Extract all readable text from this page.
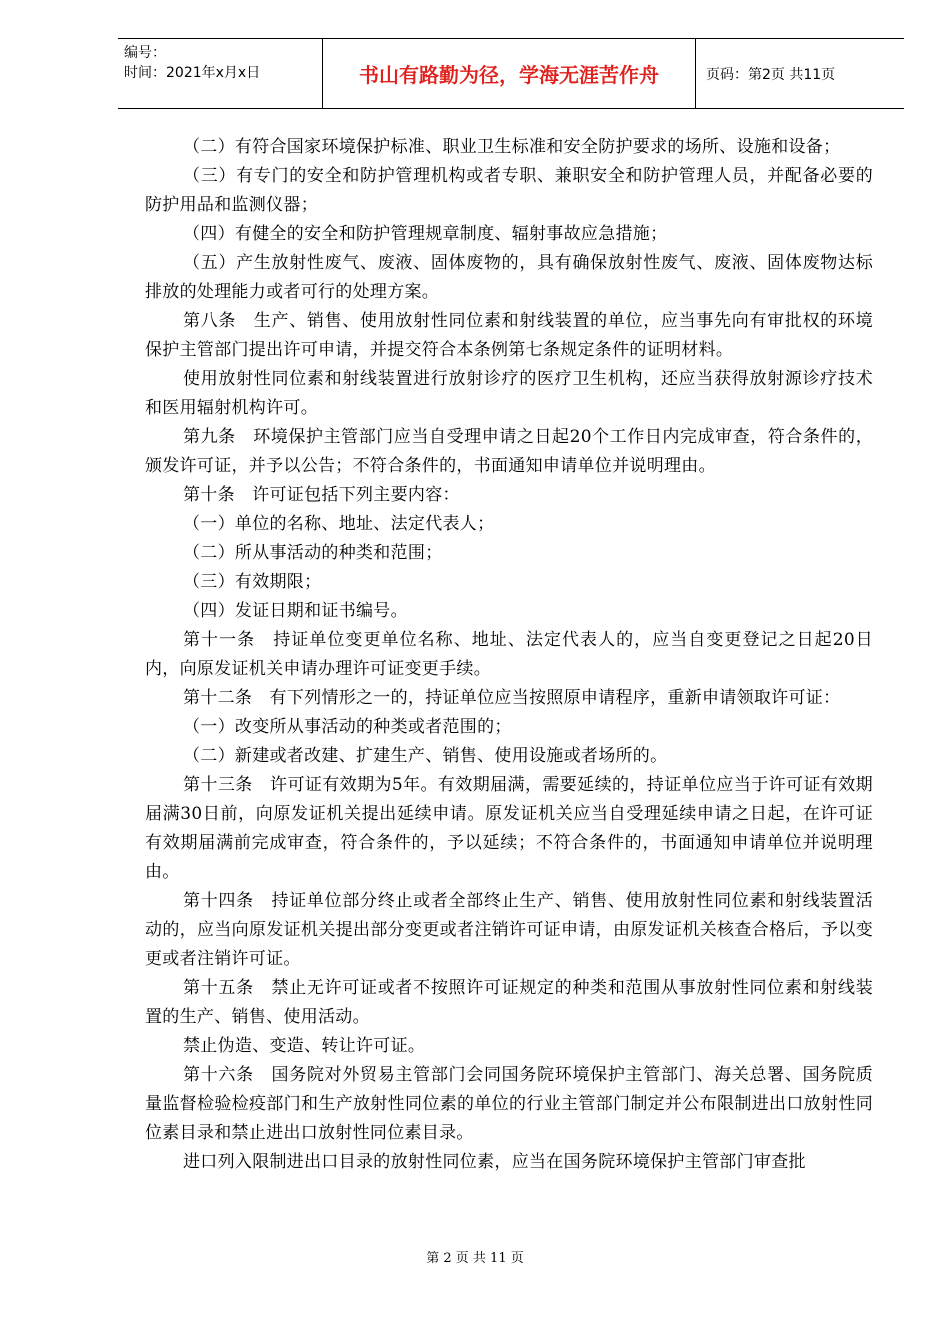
编号：
时间：2021年x月x日	书山有路勤为径，学海无涯苦作舟	页码：第2页 共11页

（二）有符合国家环境保护标准、职业卫生标准和安全防护要求的场所、设施和设备；

（三）有专门的安全和防护管理机构或者专职、兼职安全和防护管理人员，并配备必要的防护用品和监测仪器；

（四）有健全的安全和防护管理规章制度、辐射事故应急措施；

（五）产生放射性废气、废液、固体废物的，具有确保放射性废气、废液、固体废物达标排放的处理能力或者可行的处理方案。

第八条　生产、销售、使用放射性同位素和射线装置的单位，应当事先向有审批权的环境保护主管部门提出许可申请，并提交符合本条例第七条规定条件的证明材料。

使用放射性同位素和射线装置进行放射诊疗的医疗卫生机构，还应当获得放射源诊疗技术和医用辐射机构许可。

第九条　环境保护主管部门应当自受理申请之日起20个工作日内完成审查，符合条件的，颁发许可证，并予以公告；不符合条件的，书面通知申请单位并说明理由。

第十条　许可证包括下列主要内容：

（一）单位的名称、地址、法定代表人；

（二）所从事活动的种类和范围；

（三）有效期限；

（四）发证日期和证书编号。

第十一条　持证单位变更单位名称、地址、法定代表人的，应当自变更登记之日起20日内，向原发证机关申请办理许可证变更手续。

第十二条　有下列情形之一的，持证单位应当按照原申请程序，重新申请领取许可证：

（一）改变所从事活动的种类或者范围的；

（二）新建或者改建、扩建生产、销售、使用设施或者场所的。

第十三条　许可证有效期为5年。有效期届满，需要延续的，持证单位应当于许可证有效期届满30日前，向原发证机关提出延续申请。原发证机关应当自受理延续申请之日起，在许可证有效期届满前完成审查，符合条件的，予以延续；不符合条件的，书面通知申请单位并说明理由。

第十四条　持证单位部分终止或者全部终止生产、销售、使用放射性同位素和射线装置活动的，应当向原发证机关提出部分变更或者注销许可证申请，由原发证机关核查合格后，予以变更或者注销许可证。

第十五条　禁止无许可证或者不按照许可证规定的种类和范围从事放射性同位素和射线装置的生产、销售、使用活动。

禁止伪造、变造、转让许可证。

第十六条　国务院对外贸易主管部门会同国务院环境保护主管部门、海关总署、国务院质量监督检验检疫部门和生产放射性同位素的单位的行业主管部门制定并公布限制进出口放射性同位素目录和禁止进出口放射性同位素目录。

进口列入限制进出口目录的放射性同位素，应当在国务院环境保护主管部门审查批

第 2 页 共 11 页
